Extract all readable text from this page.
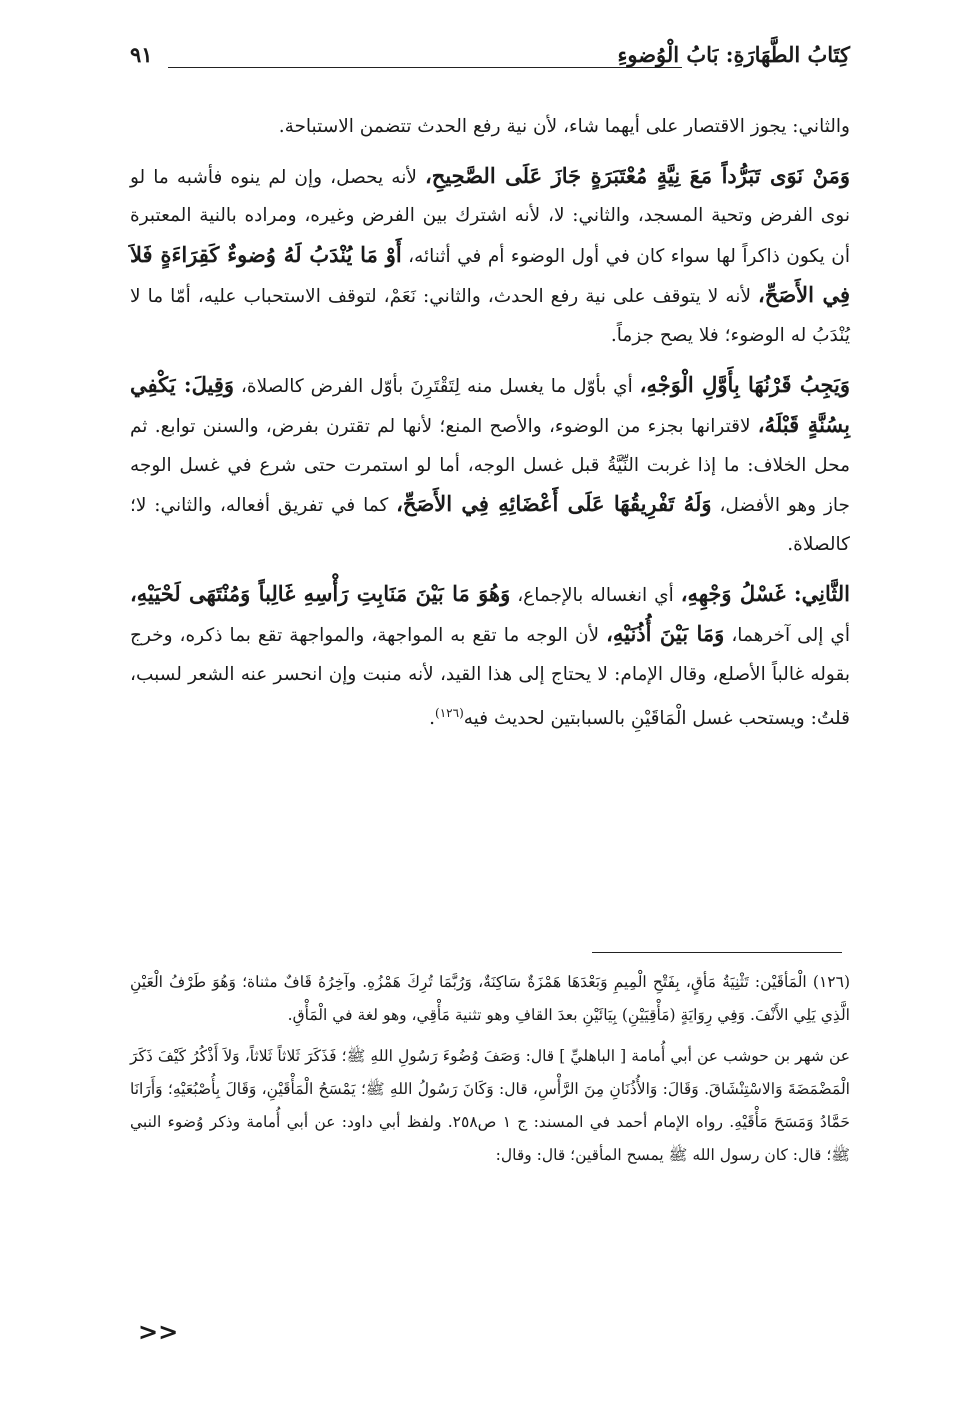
كِتَابُ الطَّهَارَةِ: بَابُ الْوُضوءِ
٩١

والثاني: يجوز الاقتصار على أيهما شاء، لأن نية رفع الحدث تتضمن الاستباحة.

وَمَنْ نَوَى تَبَرُّداً مَعَ نِيَّةٍ مُعْتَبَرَةٍ جَازَ عَلَى الصَّحِيحِ، لأنه يحصل، وإن لم ينوه فأشبه ما لو نوى الفرض وتحية المسجد، والثاني: لا، لأنه اشترك بين الفرض وغيره، ومراده بالنية المعتبرة أن يكون ذاكراً لها سواء كان في أول الوضوء أم في أثنائه، أَوْ مَا يُنْدَبُ لَهُ وُضوءٌ كَقِرَاءَةٍ فَلاَ فِي الأَصَحِّ، لأنه لا يتوقف على نية رفع الحدث، والثاني: نَعَمْ، لتوقف الاستحباب عليه، أمّا ما لا يُنْدَبُ له الوضوء؛ فلا يصح جزماً.

وَيَجِبُ قَرْنُهَا بِأَوَّلِ الْوَجْهِ، أي بأوّل ما يغسل منه لِتَقْتَرِنَ بأوّل الفرض كالصلاة، وَقِيلَ: يَكْفِي بِسُنَّةٍ قَبْلَهُ، لاقترانها بجزء من الوضوء، والأصح المنع؛ لأنها لم تقترن بفرض، والسنن توابع. ثم محل الخلاف: ما إذا غربت النِّيَّةُ قبل غسل الوجه، أما لو استمرت حتى شرع في غسل الوجه جاز وهو الأفضل، وَلَهُ تَفْرِيقُهَا عَلَى أَعْضَائِهِ فِي الأَصَحِّ، كما في تفريق أفعاله، والثاني: لا؛ كالصلاة.

الثَّانِي: غَسْلُ وَجْهِهِ، أي انغساله بالإجماع، وَهُوَ مَا بَيْنَ مَنَابِتِ رَأْسِهِ غَالِباً وَمُنْتَهَى لَحْيَيْهِ، أي إلى آخرهما، وَمَا بَيْنَ أُذُنَيْهِ، لأن الوجه ما تقع به المواجهة، والمواجهة تقع بما ذكره، وخرج بقوله غالباً الأصلع، وقال الإمام: لا يحتاج إلى هذا القيد، لأنه منبت وإن انحسر عنه الشعر لسبب، قلتُ: ويستحب غسل الْمَاقَيْنِ بالسبابتين لحديث فيه$^{(١٢٦)}$.

(١٢٦) الْمَأقَيْن: تَثْنِيَةُ مَأقٍ، بِفَتْحِ الْمِيمِ وَبَعْدَهَا هَمْزَةٌ سَاكِنَةٌ، وَرُبَّمَا تُرِكَ هَمْزُهِ. وآخِرُهُ قَافٌ مثناة؛ وَهُوَ طَرْفُ الْعَيْنِ الَّذِي يَلِي الأَنْفَ. وَفِي رِوَايَةٍ (مَأْقِيَيْنِ) بِيَائَيْنِ بعدَ القافِ وهو تثنية مَأْقِي، وهو لغة في الْمَأْقِ.

عن شهر بن حوشب عن أبي أُمامة [ الباهليِّ ] قال: وَصَفَ وُضُوءَ رَسُولِ اللهِ ﷺ؛ فَذَكَرَ ثَلاثاً ثَلاثاً، وَلاَ أَذْكُرُ كَيْفَ ذَكَرَ الْمَضْمَضَةَ وَالاسْتِنْشَاقَ. وَقَالَ: وَالأُذُنَانِ مِنَ الرَّأْسِ، قال: وَكَانَ رَسُولُ اللهِ ﷺ؛ يَمْسَحُ الْمَأْقَيْنِ، وَقَالَ بِأُصْبُعَيْهِ؛ وَأَرَانَا حَمَّادُ وَمَسَحَ مَأْقَيْهِ. رواه الإمام أحمد في المسند: ج ١ ص٢٥٨. ولفظ أبي داود: عن أبي أُمامة وذكر وُضوء النبي ﷺ؛ قال: كان رسول الله ﷺ يمسح المأقين؛ قال: وقال:

<<
